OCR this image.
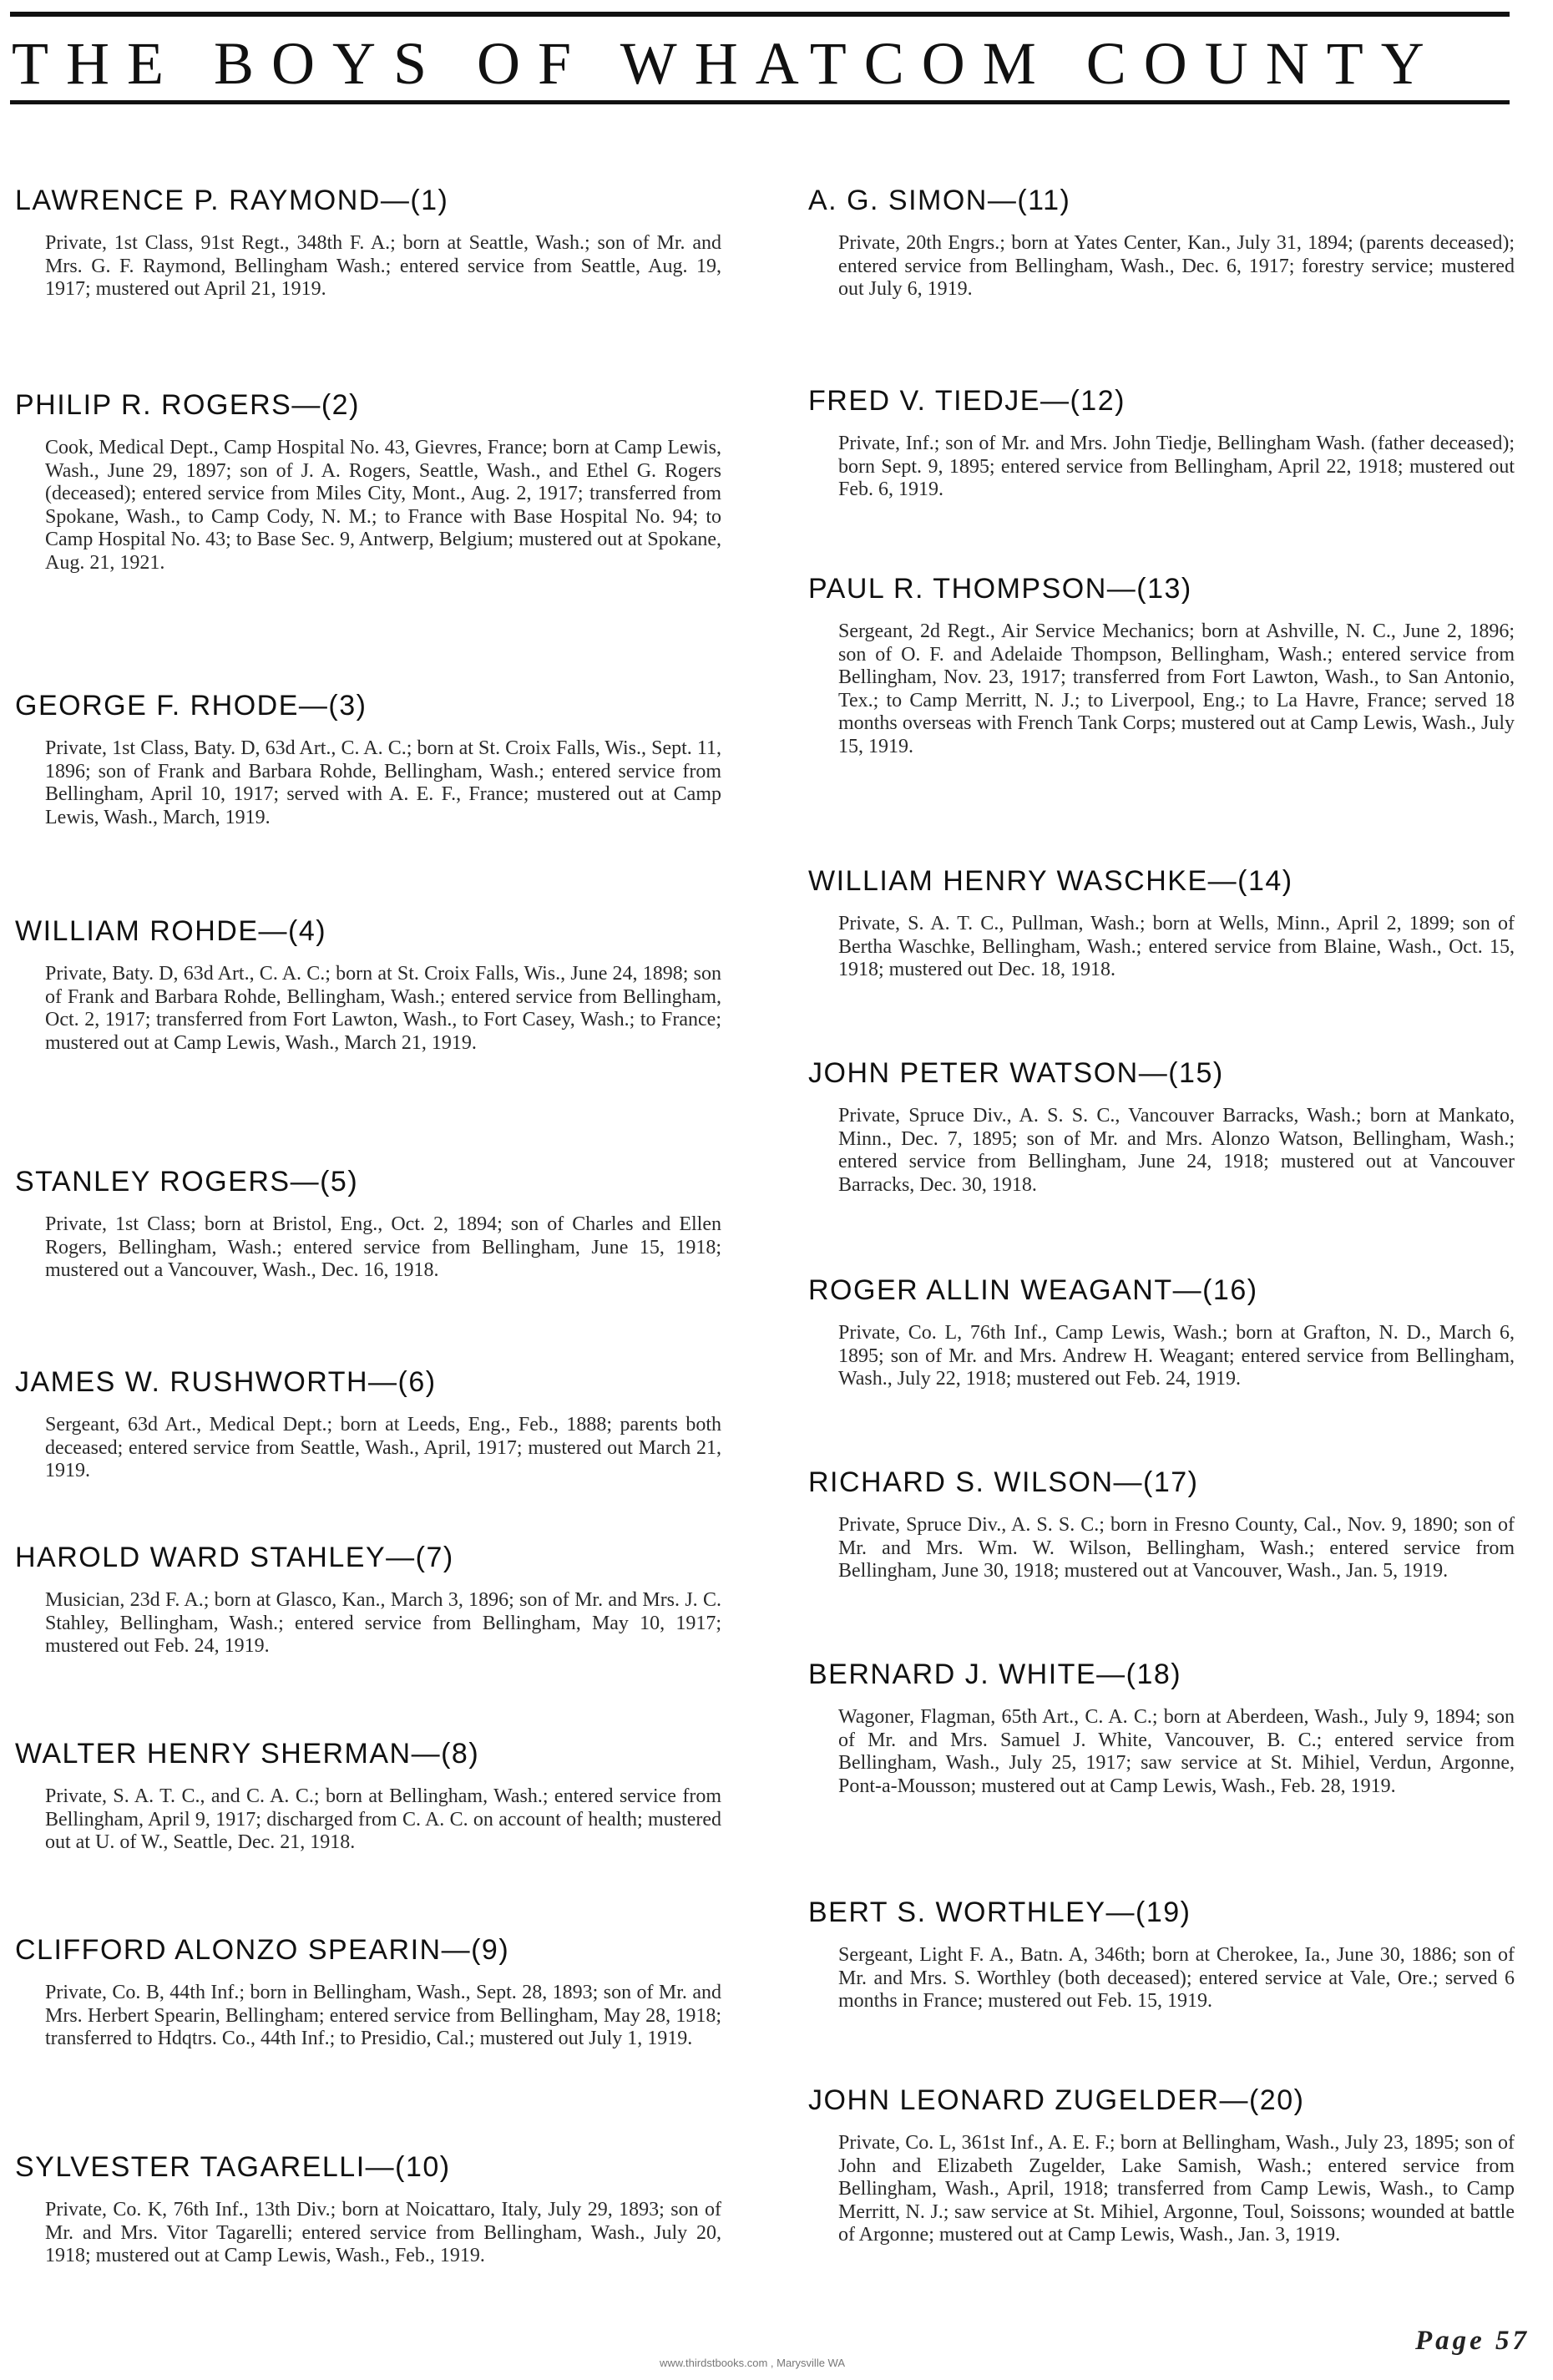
THE BOYS OF WHATCOM COUNTY
LAWRENCE P. RAYMOND—(1)

Private, 1st Class, 91st Regt., 348th F. A.; born at Seattle, Wash.; son of Mr. and Mrs. G. F. Raymond, Bellingham Wash.; entered service from Seattle, Aug. 19, 1917; mustered out April 21, 1919.

PHILIP R. ROGERS—(2)

Cook, Medical Dept., Camp Hospital No. 43, Gievres, France; born at Camp Lewis, Wash., June 29, 1897; son of J. A. Rogers, Seattle, Wash., and Ethel G. Rogers (deceased); entered service from Miles City, Mont., Aug. 2, 1917; transferred from Spokane, Wash., to Camp Cody, N. M.; to France with Base Hospital No. 94; to Camp Hospital No. 43; to Base Sec. 9, Antwerp, Belgium; mustered out at Spokane, Aug. 21, 1921.

GEORGE F. RHODE—(3)

Private, 1st Class, Baty. D, 63d Art., C. A. C.; born at St. Croix Falls, Wis., Sept. 11, 1896; son of Frank and Barbara Rohde, Bellingham, Wash.; entered service from Bellingham, April 10, 1917; served with A. E. F., France; mustered out at Camp Lewis, Wash., March, 1919.

WILLIAM ROHDE—(4)

Private, Baty. D, 63d Art., C. A. C.; born at St. Croix Falls, Wis., June 24, 1898; son of Frank and Barbara Rohde, Bellingham, Wash.; entered service from Bellingham, Oct. 2, 1917; transferred from Fort Lawton, Wash., to Fort Casey, Wash.; to France; mustered out at Camp Lewis, Wash., March 21, 1919.

STANLEY ROGERS—(5)

Private, 1st Class; born at Bristol, Eng., Oct. 2, 1894; son of Charles and Ellen Rogers, Bellingham, Wash.; entered service from Bellingham, June 15, 1918; mustered out a Vancouver, Wash., Dec. 16, 1918.

JAMES W. RUSHWORTH—(6)

Sergeant, 63d Art., Medical Dept.; born at Leeds, Eng., Feb., 1888; parents both deceased; entered service from Seattle, Wash., April, 1917; mustered out March 21, 1919.

HAROLD WARD STAHLEY—(7)

Musician, 23d F. A.; born at Glasco, Kan., March 3, 1896; son of Mr. and Mrs. J. C. Stahley, Bellingham, Wash.; entered service from Bellingham, May 10, 1917; mustered out Feb. 24, 1919.

WALTER HENRY SHERMAN—(8)

Private, S. A. T. C., and C. A. C.; born at Bellingham, Wash.; entered service from Bellingham, April 9, 1917; discharged from C. A. C. on account of health; mustered out at U. of W., Seattle, Dec. 21, 1918.

CLIFFORD ALONZO SPEARIN—(9)

Private, Co. B, 44th Inf.; born in Bellingham, Wash., Sept. 28, 1893; son of Mr. and Mrs. Herbert Spearin, Bellingham; entered service from Bellingham, May 28, 1918; transferred to Hdqtrs. Co., 44th Inf.; to Presidio, Cal.; mustered out July 1, 1919.

SYLVESTER TAGARELLI—(10)

Private, Co. K, 76th Inf., 13th Div.; born at Noicattaro, Italy, July 29, 1893; son of Mr. and Mrs. Vitor Tagarelli; entered service from Bellingham, Wash., July 20, 1918; mustered out at Camp Lewis, Wash., Feb., 1919.

A. G. SIMON—(11)

Private, 20th Engrs.; born at Yates Center, Kan., July 31, 1894; (parents deceased); entered service from Bellingham, Wash., Dec. 6, 1917; forestry service; mustered out July 6, 1919.

FRED V. TIEDJE—(12)

Private, Inf.; son of Mr. and Mrs. John Tiedje, Bellingham Wash. (father deceased); born Sept. 9, 1895; entered service from Bellingham, April 22, 1918; mustered out Feb. 6, 1919.

PAUL R. THOMPSON—(13)

Sergeant, 2d Regt., Air Service Mechanics; born at Ashville, N. C., June 2, 1896; son of O. F. and Adelaide Thompson, Bellingham, Wash.; entered service from Bellingham, Nov. 23, 1917; transferred from Fort Lawton, Wash., to San Antonio, Tex.; to Camp Merritt, N. J.; to Liverpool, Eng.; to La Havre, France; served 18 months overseas with French Tank Corps; mustered out at Camp Lewis, Wash., July 15, 1919.

WILLIAM HENRY WASCHKE—(14)

Private, S. A. T. C., Pullman, Wash.; born at Wells, Minn., April 2, 1899; son of Bertha Waschke, Bellingham, Wash.; entered service from Blaine, Wash., Oct. 15, 1918; mustered out Dec. 18, 1918.

JOHN PETER WATSON—(15)

Private, Spruce Div., A. S. S. C., Vancouver Barracks, Wash.; born at Mankato, Minn., Dec. 7, 1895; son of Mr. and Mrs. Alonzo Watson, Bellingham, Wash.; entered service from Bellingham, June 24, 1918; mustered out at Vancouver Barracks, Dec. 30, 1918.

ROGER ALLIN WEAGANT—(16)

Private, Co. L, 76th Inf., Camp Lewis, Wash.; born at Grafton, N. D., March 6, 1895; son of Mr. and Mrs. Andrew H. Weagant; entered service from Bellingham, Wash., July 22, 1918; mustered out Feb. 24, 1919.

RICHARD S. WILSON—(17)

Private, Spruce Div., A. S. S. C.; born in Fresno County, Cal., Nov. 9, 1890; son of Mr. and Mrs. Wm. W. Wilson, Bellingham, Wash.; entered service from Bellingham, June 30, 1918; mustered out at Vancouver, Wash., Jan. 5, 1919.

BERNARD J. WHITE—(18)

Wagoner, Flagman, 65th Art., C. A. C.; born at Aberdeen, Wash., July 9, 1894; son of Mr. and Mrs. Samuel J. White, Vancouver, B. C.; entered service from Bellingham, Wash., July 25, 1917; saw service at St. Mihiel, Verdun, Argonne, Pont-a-Mousson; mustered out at Camp Lewis, Wash., Feb. 28, 1919.

BERT S. WORTHLEY—(19)

Sergeant, Light F. A., Batn. A, 346th; born at Cherokee, Ia., June 30, 1886; son of Mr. and Mrs. S. Worthley (both deceased); entered service at Vale, Ore.; served 6 months in France; mustered out Feb. 15, 1919.

JOHN LEONARD ZUGELDER—(20)

Private, Co. L, 361st Inf., A. E. F.; born at Bellingham, Wash., July 23, 1895; son of John and Elizabeth Zugelder, Lake Samish, Wash.; entered service from Bellingham, Wash., April, 1918; transferred from Camp Lewis, Wash., to Camp Merritt, N. J.; saw service at St. Mihiel, Argonne, Toul, Soissons; wounded at battle of Argonne; mustered out at Camp Lewis, Wash., Jan. 3, 1919.

Page 57
www.thirdstbooks.com , Marysville WA
